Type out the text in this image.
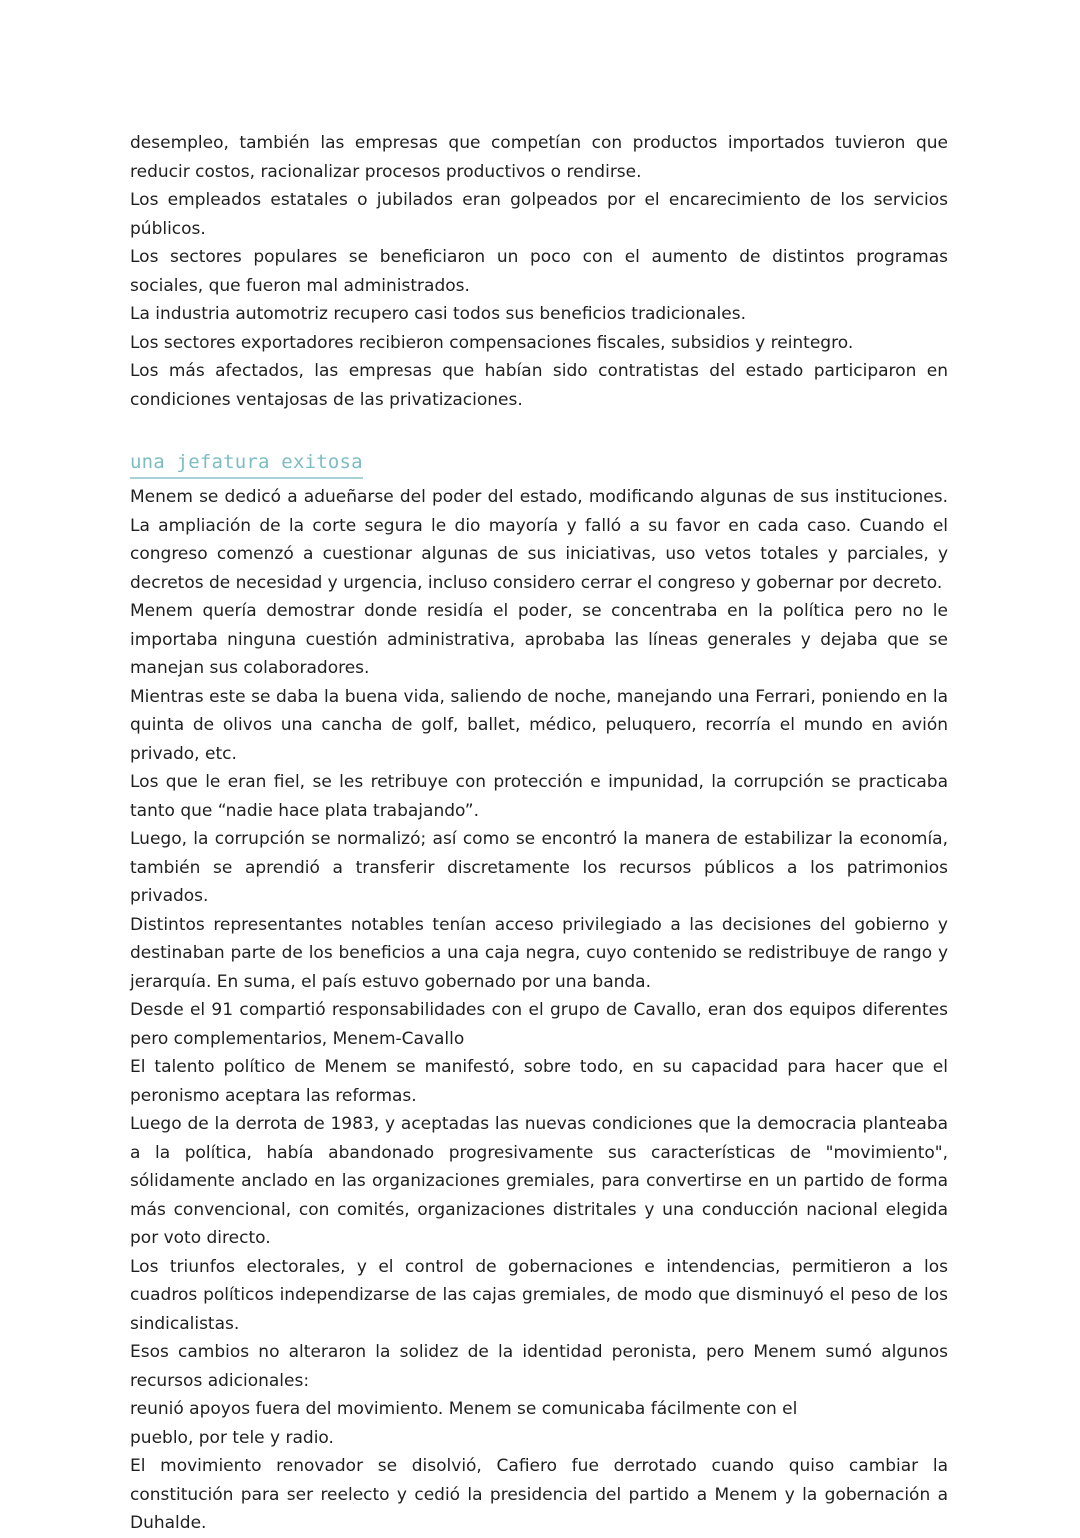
desempleo, también las empresas que competían con productos importados tuvieron que reducir costos, racionalizar procesos productivos o rendirse.

Los empleados estatales o jubilados eran golpeados por el encarecimiento de los servicios públicos.

Los sectores populares se beneficiaron un poco con el aumento de distintos programas sociales, que fueron mal administrados.

La industria automotriz recupero casi todos sus beneficios tradicionales.

Los sectores exportadores recibieron compensaciones fiscales, subsidios y reintegro.

Los más afectados, las empresas que habían sido contratistas del estado participaron en condiciones ventajosas de las privatizaciones.

una jefatura exitosa

Menem se dedicó a adueñarse del poder del estado, modificando algunas de sus instituciones. La ampliación de la corte segura le dio mayoría y falló a su favor en cada caso. Cuando el congreso comenzó a cuestionar algunas de sus iniciativas, uso vetos totales y parciales, y decretos de necesidad y urgencia, incluso considero cerrar el congreso y gobernar por decreto.

Menem quería demostrar donde residía el poder, se concentraba en la política pero no le importaba ninguna cuestión administrativa, aprobaba las líneas generales y dejaba que se manejan sus colaboradores.

Mientras este se daba la buena vida, saliendo de noche, manejando una Ferrari, poniendo en la quinta de olivos una cancha de golf, ballet, médico, peluquero, recorría el mundo en avión privado, etc.

Los que le eran fiel, se les retribuye con protección e impunidad, la corrupción se practicaba tanto que “nadie hace plata trabajando”.

Luego, la corrupción se normalizó; así como se encontró la manera de estabilizar la economía, también se aprendió a transferir discretamente los recursos públicos a los patrimonios privados.

Distintos representantes notables tenían acceso privilegiado a las decisiones del gobierno y destinaban parte de los beneficios a una caja negra, cuyo contenido se redistribuye de rango y jerarquía. En suma, el país estuvo gobernado por una banda.

Desde el 91 compartió responsabilidades con el grupo de Cavallo, eran dos equipos diferentes pero complementarios, Menem-Cavallo

El talento político de Menem se manifestó, sobre todo, en su capacidad para hacer que el peronismo aceptara las reformas.

Luego de la derrota de 1983, y aceptadas las nuevas condiciones que la democracia planteaba a la política, había abandonado progresivamente sus características de "movimiento", sólidamente anclado en las organizaciones gremiales, para convertirse en un partido de forma más convencional, con comités, organizaciones distritales y una conducción nacional elegida por voto directo.

Los triunfos electorales, y el control de gobernaciones e intendencias, permitieron a los cuadros políticos independizarse de las cajas gremiales, de modo que disminuyó el peso de los sindicalistas.

Esos cambios no alteraron la solidez de la identidad peronista, pero Menem sumó algunos recursos adicionales:

reunió apoyos fuera del movimiento. Menem se comunicaba fácilmente con el

pueblo, por tele y radio.

El movimiento renovador se disolvió, Cafiero fue derrotado cuando quiso cambiar la constitución para ser reelecto y cedió la presidencia del partido a Menem y la gobernación a Duhalde.
